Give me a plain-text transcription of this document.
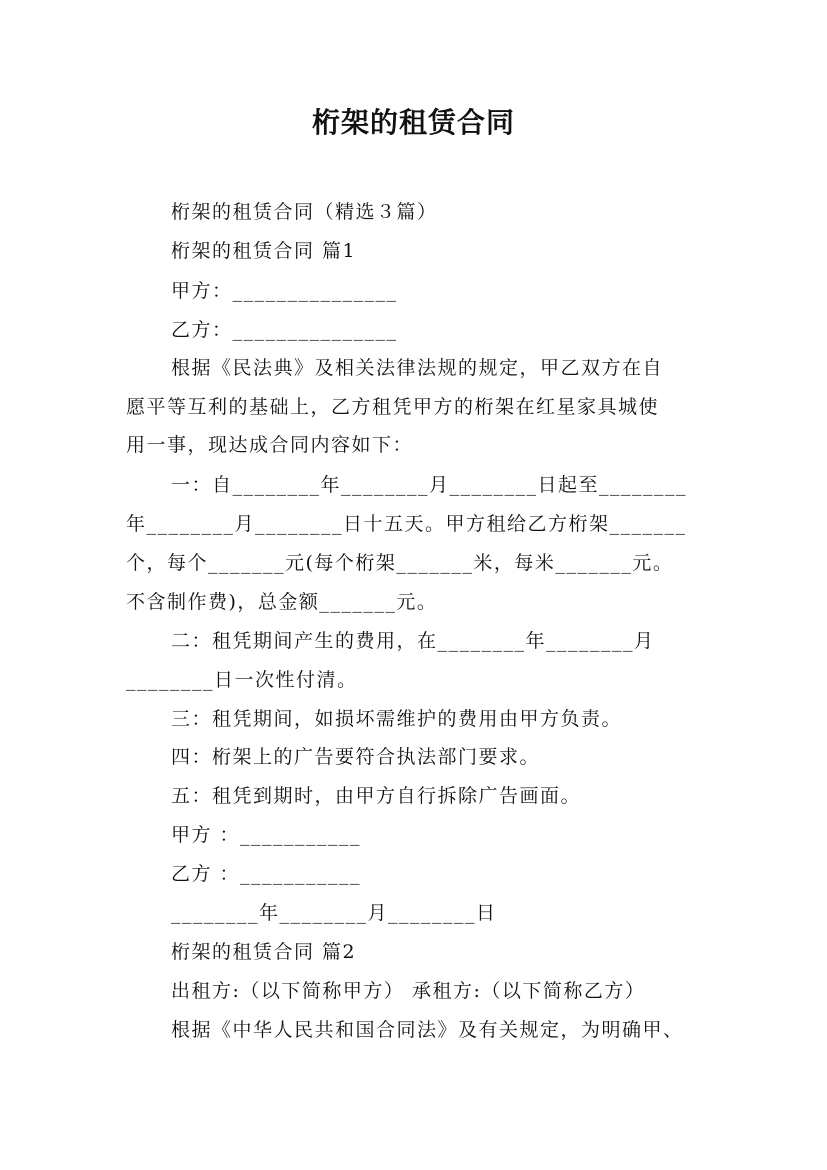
桁架的租赁合同
桁架的租赁合同（精选３篇）
桁架的租赁合同 篇1
甲方：_______________
乙方：_______________
根据《民法典》及相关法律法规的规定，甲乙双方在自
愿平等互利的基础上，乙方租凭甲方的桁架在红星家具城使
用一事，现达成合同内容如下：
一：自________年________月________日起至________
年________月________日十五天。甲方租给乙方桁架_______
个，每个_______元(每个桁架_______米，每米_______元。
不含制作费)，总金额_______元。
二：租凭期间产生的费用，在________年________月
________日一次性付清。
三：租凭期间，如损坏需维护的费用由甲方负责。
四：桁架上的广告要符合执法部门要求。
五：租凭到期时，由甲方自行拆除广告画面。
甲方 ：___________
乙方 ：___________
________年________月________日
桁架的租赁合同 篇2
出租方:（以下简称甲方） 承租方:（以下简称乙方）
根据《中华人民共和国合同法》及有关规定，为明确甲、
